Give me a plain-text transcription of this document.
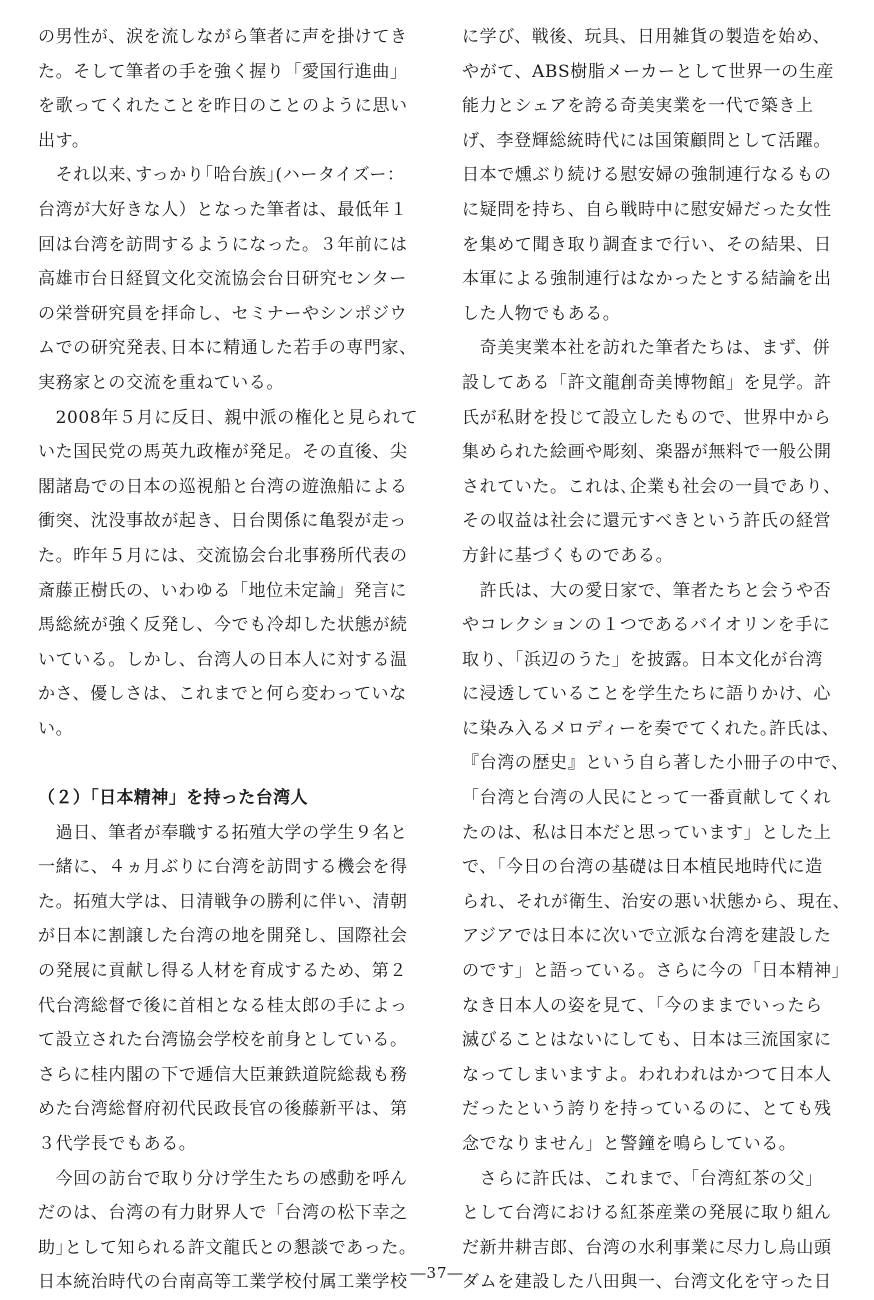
の男性が、涙を流しながら筆者に声を掛けてき
た。そして筆者の手を強く握り「愛国行進曲」
を歌ってくれたことを昨日のことのように思い
出す。
　それ以来､すっかり｢哈台族｣(ハータイズー：
台湾が大好きな人）となった筆者は、最低年１
回は台湾を訪問するようになった。３年前には
高雄市台日経貿文化交流協会台日研究センター
の栄誉研究員を拝命し、セミナーやシンポジウ
ムでの研究発表､日本に精通した若手の専門家、
実務家との交流を重ねている。
　2008年５月に反日、親中派の権化と見られて
いた国民党の馬英九政権が発足。その直後、尖
閣諸島での日本の巡視船と台湾の遊漁船による
衝突、沈没事故が起き、日台関係に亀裂が走っ
た。昨年５月には、交流協会台北事務所代表の
斎藤正樹氏の、いわゆる「地位未定論」発言に
馬総統が強く反発し、今でも冷却した状態が続
いている。しかし、台湾人の日本人に対する温
かさ、優しさは、これまでと何ら変わっていな
い。
（２）「日本精神」を持った台湾人
　過日、筆者が奉職する拓殖大学の学生９名と
一緒に、４ヵ月ぶりに台湾を訪問する機会を得
た。拓殖大学は、日清戦争の勝利に伴い、清朝
が日本に割譲した台湾の地を開発し、国際社会
の発展に貢献し得る人材を育成するため、第２
代台湾総督で後に首相となる桂太郎の手によっ
て設立された台湾協会学校を前身としている。
さらに桂内閣の下で逓信大臣兼鉄道院総裁も務
めた台湾総督府初代民政長官の後藤新平は、第
３代学長でもある。
　今回の訪台で取り分け学生たちの感動を呼ん
だのは、台湾の有力財界人で「台湾の松下幸之
助｣として知られる許文龍氏との懇談であった。
日本統治時代の台南高等工業学校付属工業学校
に学び、戦後、玩具、日用雑貨の製造を始め、
やがて、ABS樹脂メーカーとして世界一の生産
能力とシェアを誇る奇美実業を一代で築き上
げ、李登輝総統時代には国策顧問として活躍。
日本で燻ぶり続ける慰安婦の強制連行なるもの
に疑問を持ち、自ら戦時中に慰安婦だった女性
を集めて聞き取り調査まで行い、その結果、日
本軍による強制連行はなかったとする結論を出
した人物でもある。
　奇美実業本社を訪れた筆者たちは、まず、併
設してある「許文龍創奇美博物館」を見学。許
氏が私財を投じて設立したもので、世界中から
集められた絵画や彫刻、楽器が無料で一般公開
されていた。これは､企業も社会の一員であり、
その収益は社会に還元すべきという許氏の経営
方針に基づくものである。
　許氏は、大の愛日家で、筆者たちと会うや否
やコレクションの１つであるバイオリンを手に
取り、「浜辺のうた」を披露。日本文化が台湾
に浸透していることを学生たちに語りかけ、心
に染み入るメロディーを奏でてくれた｡許氏は、
『台湾の歴史』という自ら著した小冊子の中で、
「台湾と台湾の人民にとって一番貢献してくれ
たのは、私は日本だと思っています」とした上
で、「今日の台湾の基礎は日本植民地時代に造
られ、それが衛生、治安の悪い状態から、現在、
アジアでは日本に次いで立派な台湾を建設した
のです」と語っている。さらに今の「日本精神」
なき日本人の姿を見て、「今のままでいったら
滅びることはないにしても、日本は三流国家に
なってしまいますよ。われわれはかつて日本人
だったという誇りを持っているのに、とても残
念でなりません」と警鐘を鳴らしている。
　さらに許氏は、これまで、「台湾紅茶の父」
として台湾における紅茶産業の発展に取り組ん
だ新井耕吉郎、台湾の水利事業に尽力し烏山頭
ダムを建設した八田與一、台湾文化を守った日
―37―
